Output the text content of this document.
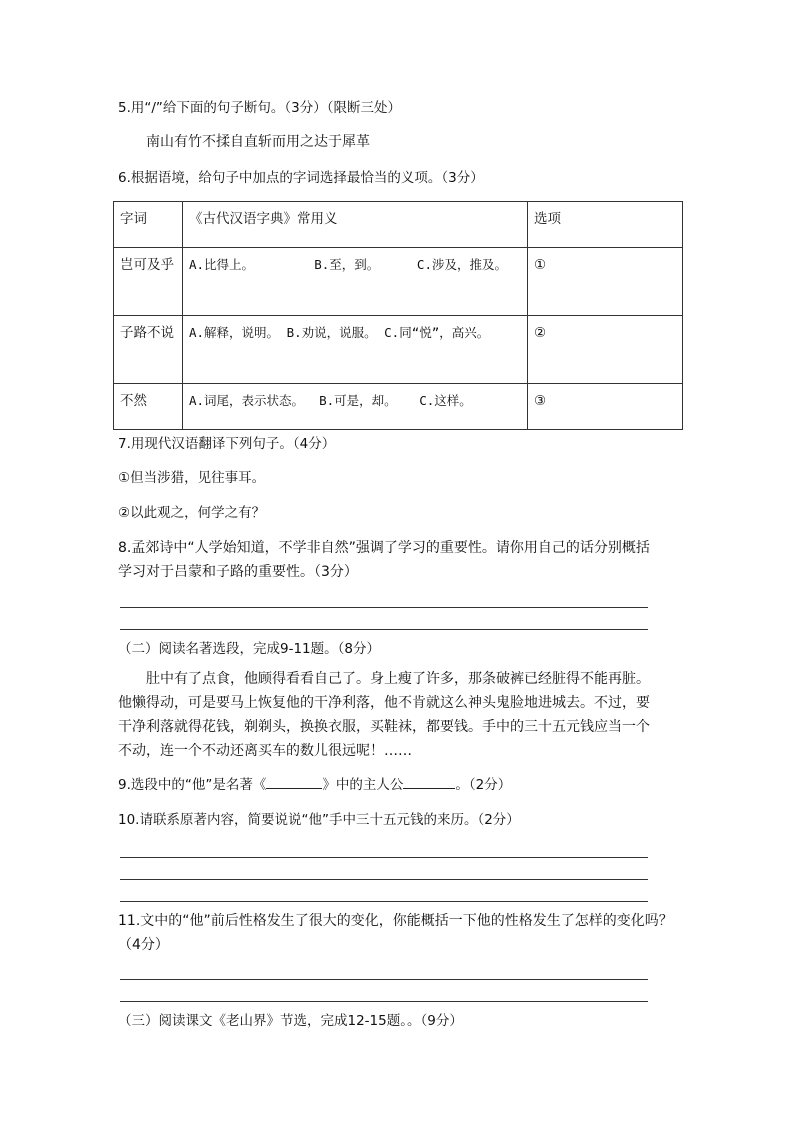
5.用“/”给下面的句子断句。（3分）（限断三处）
南山有竹不揉自直斩而用之达于犀革
6.根据语境，给句子中加点的字词选择最恰当的义项。（3分）
字词	《古代汉语字典》常用义	选项
岂可及乎	A.比得上。        B.至，到。     C.涉及，推及。	①
子路不说	A.解释，说明。 B.劝说，说服。 C.同“悦”，高兴。	②
不然	A.词尾，表示状态。  B.可是，却。   C.这样。	③
7.用现代汉语翻译下列句子。（4分）
①但当涉猎，见往事耳。
②以此观之，何学之有？
8.孟郊诗中“人学始知道，不学非自然”强调了学习的重要性。请你用自己的话分别概括学习对于吕蒙和子路的重要性。（3分）
（二）阅读名著选段，完成9-11题。（8分）
肚中有了点食，他顾得看看自己了。身上瘦了许多，那条破裤已经脏得不能再脏。他懒得动，可是要马上恢复他的干净利落，他不肯就这么神头鬼脸地进城去。不过，要干净利落就得花钱，剃剃头，换换衣服，买鞋袜，都要钱。手中的三十五元钱应当一个不动，连一个不动还离买车的数儿很远呢！……
9.选段中的“他”是名著《	》中的主人公	。（2分）
10.请联系原著内容，简要说说“他”手中三十五元钱的来历。（2分）
11.文中的“他”前后性格发生了很大的变化，你能概括一下他的性格发生了怎样的变化吗？（4分）
（三）阅读课文《老山界》节选，完成12-15题。。（9分）
